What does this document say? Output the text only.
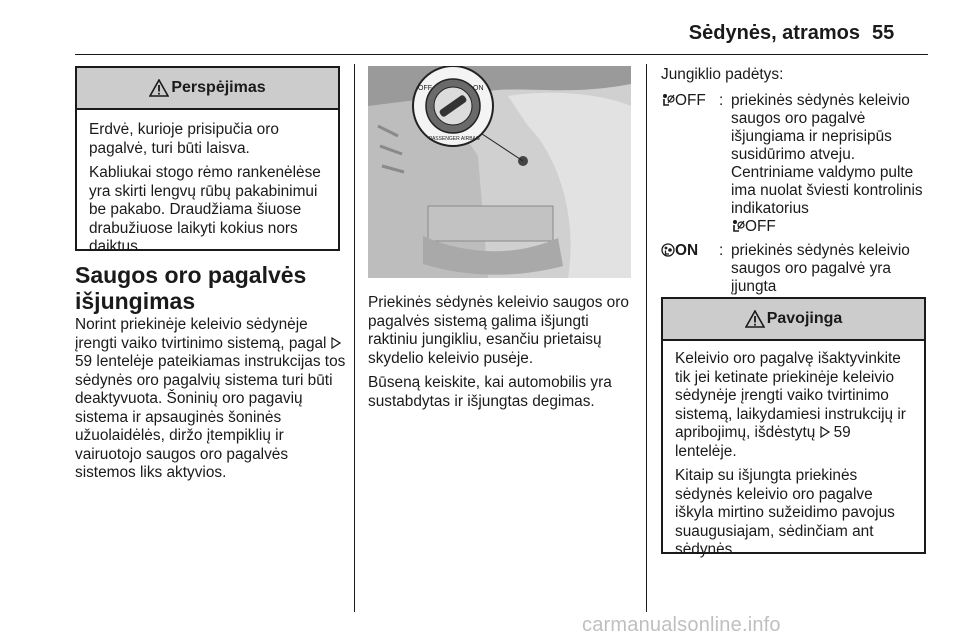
Sėdynės, atramos 55
Perspėjimas

Erdvė, kurioje prisipučia oro pagalvė, turi būti laisva.

Kabliukai stogo rėmo rankenėlėse yra skirti lengvų rūbų pakabinimui be pakabo. Draudžiama šiuose drabužiuose laikyti kokius nors daiktus.

Saugos oro pagalvės išjungimas

Norint priekinėje keleivio sėdynėje įrengti vaiko tvirtinimo sistemą, pagal 59 lentelėje pateikiamas instrukcijas tos sėdynės oro pagalvių sistema turi būti deaktyvuota. Šoninių oro pagavių sistema ir apsauginės šoninės užuolaidėlės, diržo įtempiklių ir vairuotojo saugos oro pagalvės sistemos liks aktyvios.

OFF	ON
PASSENGER AIRBAG

Priekinės sėdynės keleivio saugos oro pagalvės sistemą galima išjungti raktiniu jungikliu, esančiu prietaisų skydelio keleivio pusėje.

Būseną keiskite, kai automobilis yra sustabdytas ir išjungtas degimas.

Jungiklio padėtys:
OFF : priekinės sėdynės keleivio saugos oro pagalvė išjungiama ir neprisipūs susidūrimo atveju. Centriniame valdymo pulte ima nuolat šviesti kontrolinis indikatorius
OFF
ON	: priekinės sėdynės keleivio saugos oro pagalvė yra įjungta
Pavojinga

Keleivio oro pagalvę išaktyvinkite tik jei ketinate priekinėje keleivio sėdynėje įrengti vaiko tvirtinimo sistemą, laikydamiesi instrukcijų ir apribojimų, išdėstytų 59 lentelėje.

Kitaip su išjungta priekinės sėdynės keleivio oro pagalve iškyla mirtino sužeidimo pavojus suaugusiajam, sėdinčiam ant sėdynės.

carmanualsonline.info
